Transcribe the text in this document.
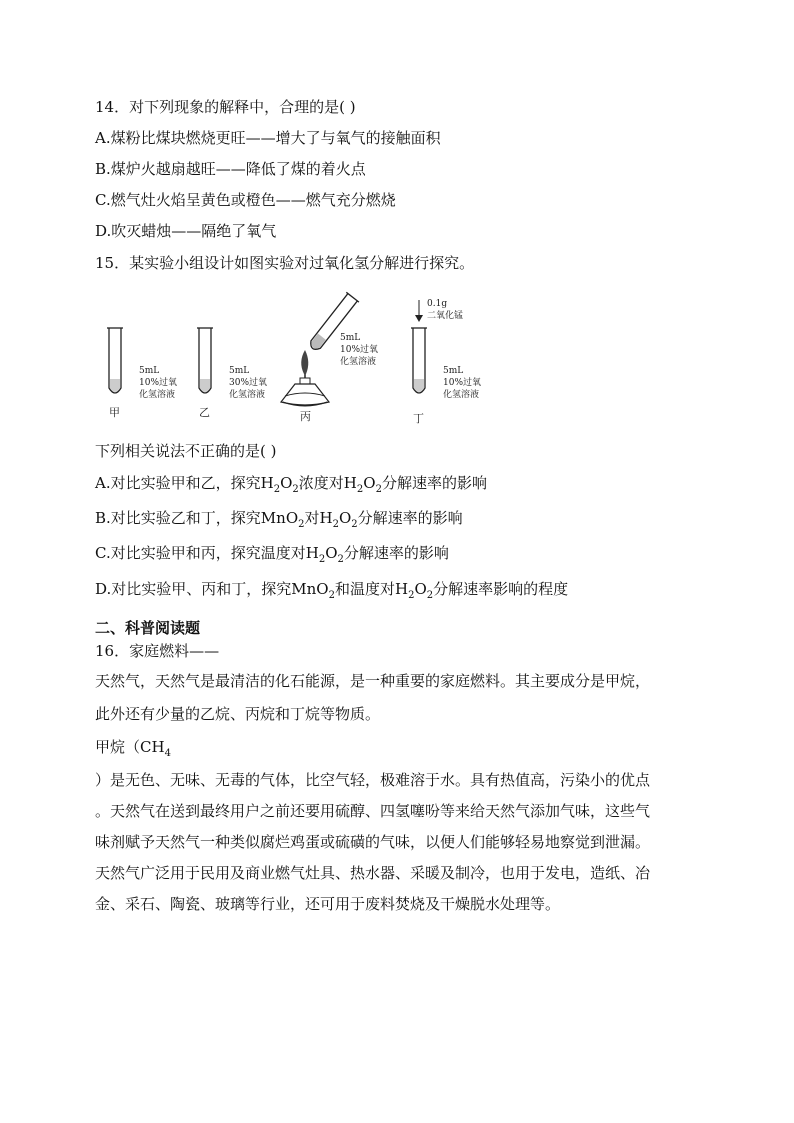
14．对下列现象的解释中，合理的是( )
A.煤粉比煤块燃烧更旺——增大了与氧气的接触面积
B.煤炉火越扇越旺——降低了煤的着火点
C.燃气灶火焰呈黄色或橙色——燃气充分燃烧
D.吹灭蜡烛——隔绝了氧气
15．某实验小组设计如图实验对过氧化氢分解进行探究。
5mL
10%过氧
化氢溶液
甲
5mL
30%过氧
化氢溶液
乙
5mL
10%过氧
化氢溶液
丙
0.1g
二氧化锰
5mL
10%过氧
化氢溶液
丁
下列相关说法不正确的是( )
A.对比实验甲和乙，探究$H_2O_2$浓度对$H_2O_2$分解速率的影响
B.对比实验乙和丁，探究MnO$_2$对$H_2O_2$分解速率的影响
C.对比实验甲和丙，探究温度对$H_2O_2$分解速率的影响
D.对比实验甲、丙和丁，探究MnO$_2$和温度对$H_2O_2$分解速率影响的程度
二、科普阅读题
16．家庭燃料——
天然气，天然气是最清洁的化石能源，是一种重要的家庭燃料。其主要成分是甲烷，
此外还有少量的乙烷、丙烷和丁烷等物质。
甲烷（$CH_4$
）是无色、无味、无毒的气体，比空气轻，极难溶于水。具有热值高，污染小的优点
。天然气在送到最终用户之前还要用硫醇、四氢噻吩等来给天然气添加气味，这些气
味剂赋予天然气一种类似腐烂鸡蛋或硫磺的气味，以便人们能够轻易地察觉到泄漏。
天然气广泛用于民用及商业燃气灶具、热水器、采暖及制冷，也用于发电，造纸、冶
金、采石、陶瓷、玻璃等行业，还可用于废料焚烧及干燥脱水处理等。
